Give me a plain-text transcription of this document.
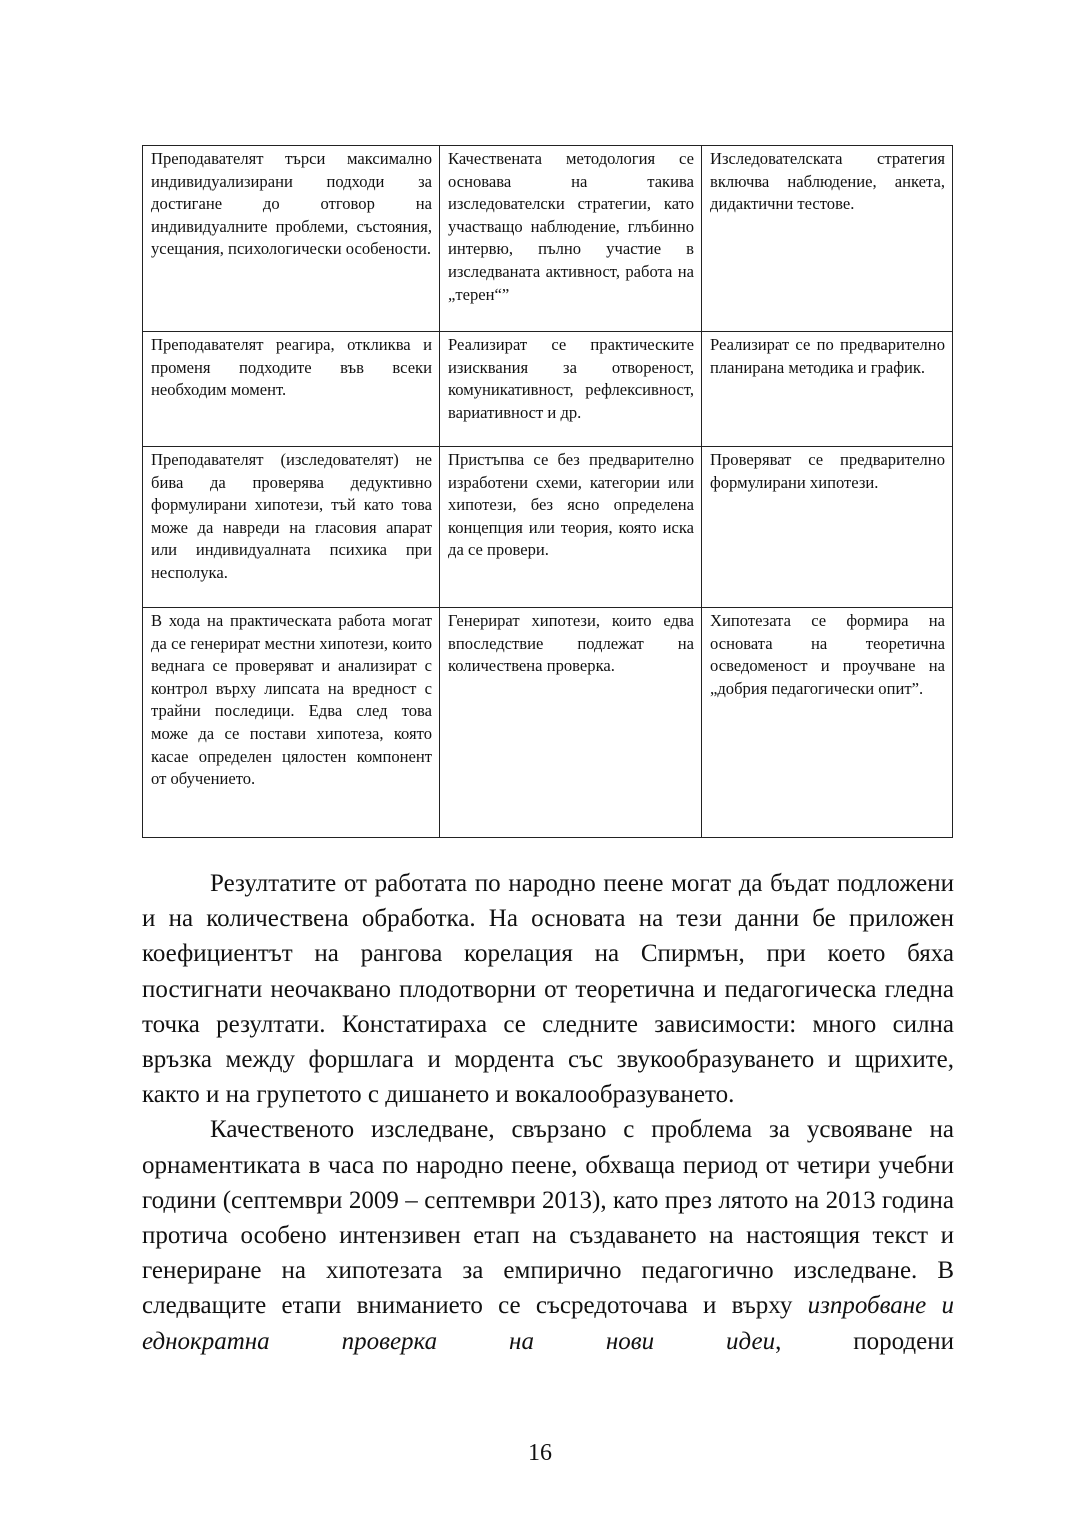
Преподавателят търси максимално индивидуализирани подходи за достигане до отговор на индивидуалните проблеми, състояния, усещания, психологически особености.	Качествената методология се основава на такива изследователски стратегии, като участващо наблюдение, глъбинно интервю, пълно участие в изследваната активност, работа на „терен“”	Изследователската стратегия включва наблюдение, анкета, дидактични тестове.
Преподавателят реагира, откликва и променя подходите във всеки необходим момент.	Реализират се практическите изисквания за отвореност, комуникативност, рефлексивност, вариативност и др.	Реализират се по предварително планирана методика и график.
Преподавателят (изследователят) не бива да проверява дедуктивно формулирани хипотези, тъй като това може да навреди на гласовия апарат или индивидуалната психика при несполука.	Пристъпва се без предварително изработени схеми, категории или хипотези, без ясно определена концепция или теория, която иска да се провери.	Проверяват се предварително формулирани хипотези.
В хода на практическата работа могат да се генерират местни хипотези, които веднага се проверяват и анализират с контрол върху липсата на вредност с трайни последици. Едва след това може да се постави хипотеза, която касае определен цялостен компонент от обучението.	Генерират хипотези, които едва впоследствие подлежат на количествена проверка.	Хипотезата се формира на основата на теоретична осведоменост и проучване на „добрия педагогически опит”.

Резултатите от работата по народно пеене могат да бъдат подложени и на количествена обработка. На основата на тези данни бе приложен коефициентът на рангова корелация на Спирмън, при което бяха постигнати неочаквано плодотворни от теоретична и педагогическа гледна точка резултати. Констатираха се следните зависимости: много силна връзка между форшлага и мордента със звукообразуването и щрихите, както и на групетото с дишането и вокалообразуването.

Качественото изследване, свързано с проблема за усвояване на орнаментиката в часа по народно пеене, обхваща период от четири учебни години (септември 2009 – септември 2013), като през лятото на 2013 година протича особено интензивен етап на създаването на настоящия текст и генериране на хипотезата за емпирично педагогично изследване. В следващите етапи вниманието се съсредоточава и върху изпробване и еднократна проверка на нови идеи, породени

16
